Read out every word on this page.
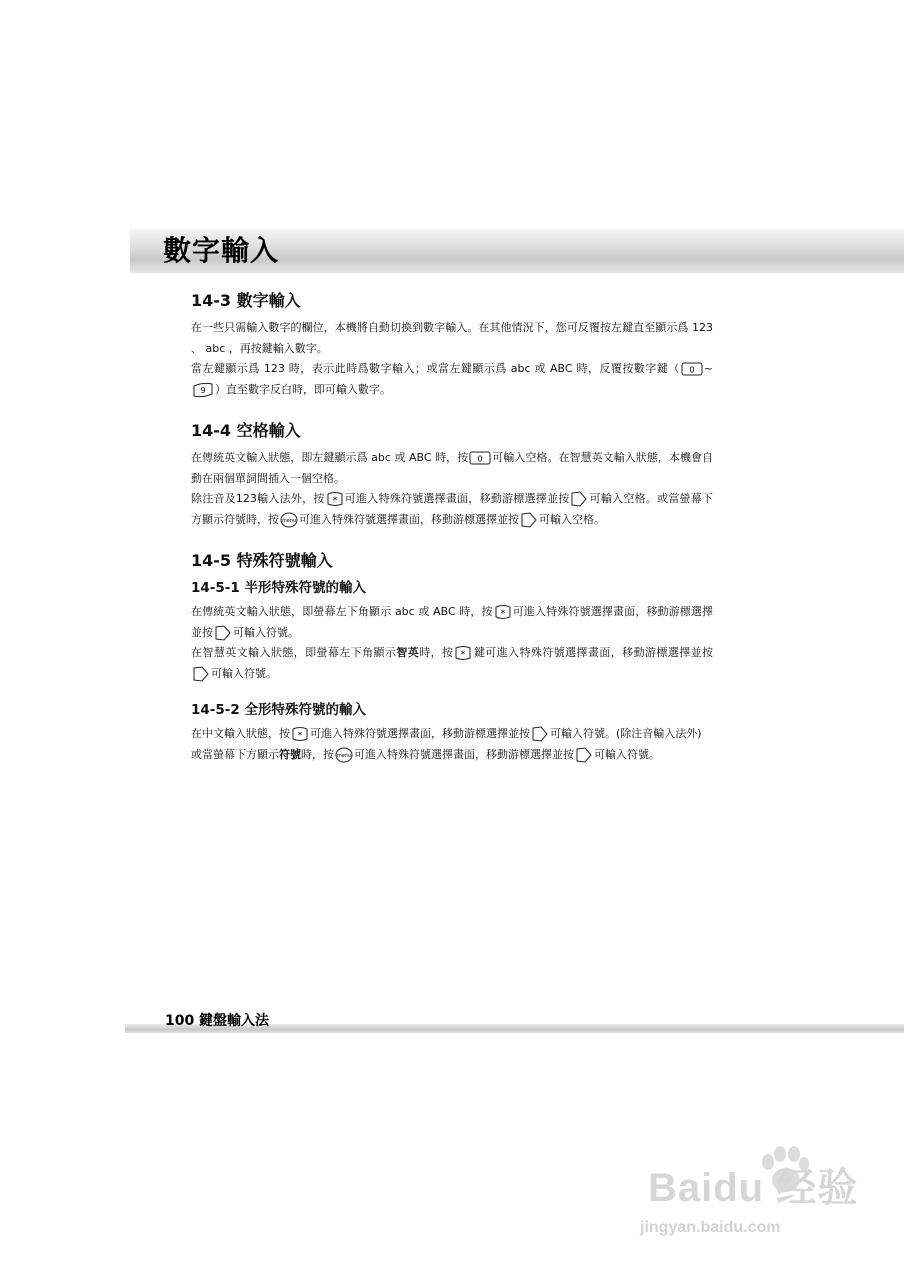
數字輸入
14-3 數字輸入

在一些只需輸入數字的欄位，本機將自動切換到數字輸入。在其他情況下，您可反覆按左鍵直至顯示爲 123 、 abc ，再按鍵輸入數字。

當左鍵顯示爲 123 時，表示此時爲數字輸入；或當左鍵顯示爲 abc 或 ABC 時，反覆按數字鍵（ 0 ~
9 ）直至數字反白時，即可輸入數字。

14-4 空格輸入

在傳統英文輸入狀態，即左鍵顯示爲 abc 或 ABC 時，按 0 可輸入空格。在智慧英文輸入狀態，本機會自動在兩個單詞間插入一個空格。

除注音及123輸入法外，按 * 可進入特殊符號選擇畫面，移動游標選擇並按 可輸入空格。或當螢幕下方顯示符號時，按 menu 可進入特殊符號選擇畫面，移動游標選擇並按 可輸入空格。

14-5 特殊符號輸入
14-5-1 半形特殊符號的輸入

在傳統英文輸入狀態，即螢幕左下角顯示 abc 或 ABC 時，按 * 可進入特殊符號選擇畫面，移動游標選擇並按 可輸入符號。

在智慧英文輸入狀態，即螢幕左下角顯示智英時，按 * 鍵可進入特殊符號選擇畫面，移動游標選擇並按
可輸入符號。

14-5-2 全形特殊符號的輸入

在中文輸入狀態，按 * 可進入特殊符號選擇畫面，移動游標選擇並按 可輸入符號。(除注音輸入法外)

或當螢幕下方顯示符號時，按 menu 可進入特殊符號選擇畫面，移動游標選擇並按 可輸入符號。

100 鍵盤輸入法
Baidu 经验
jingyan.baidu.com
